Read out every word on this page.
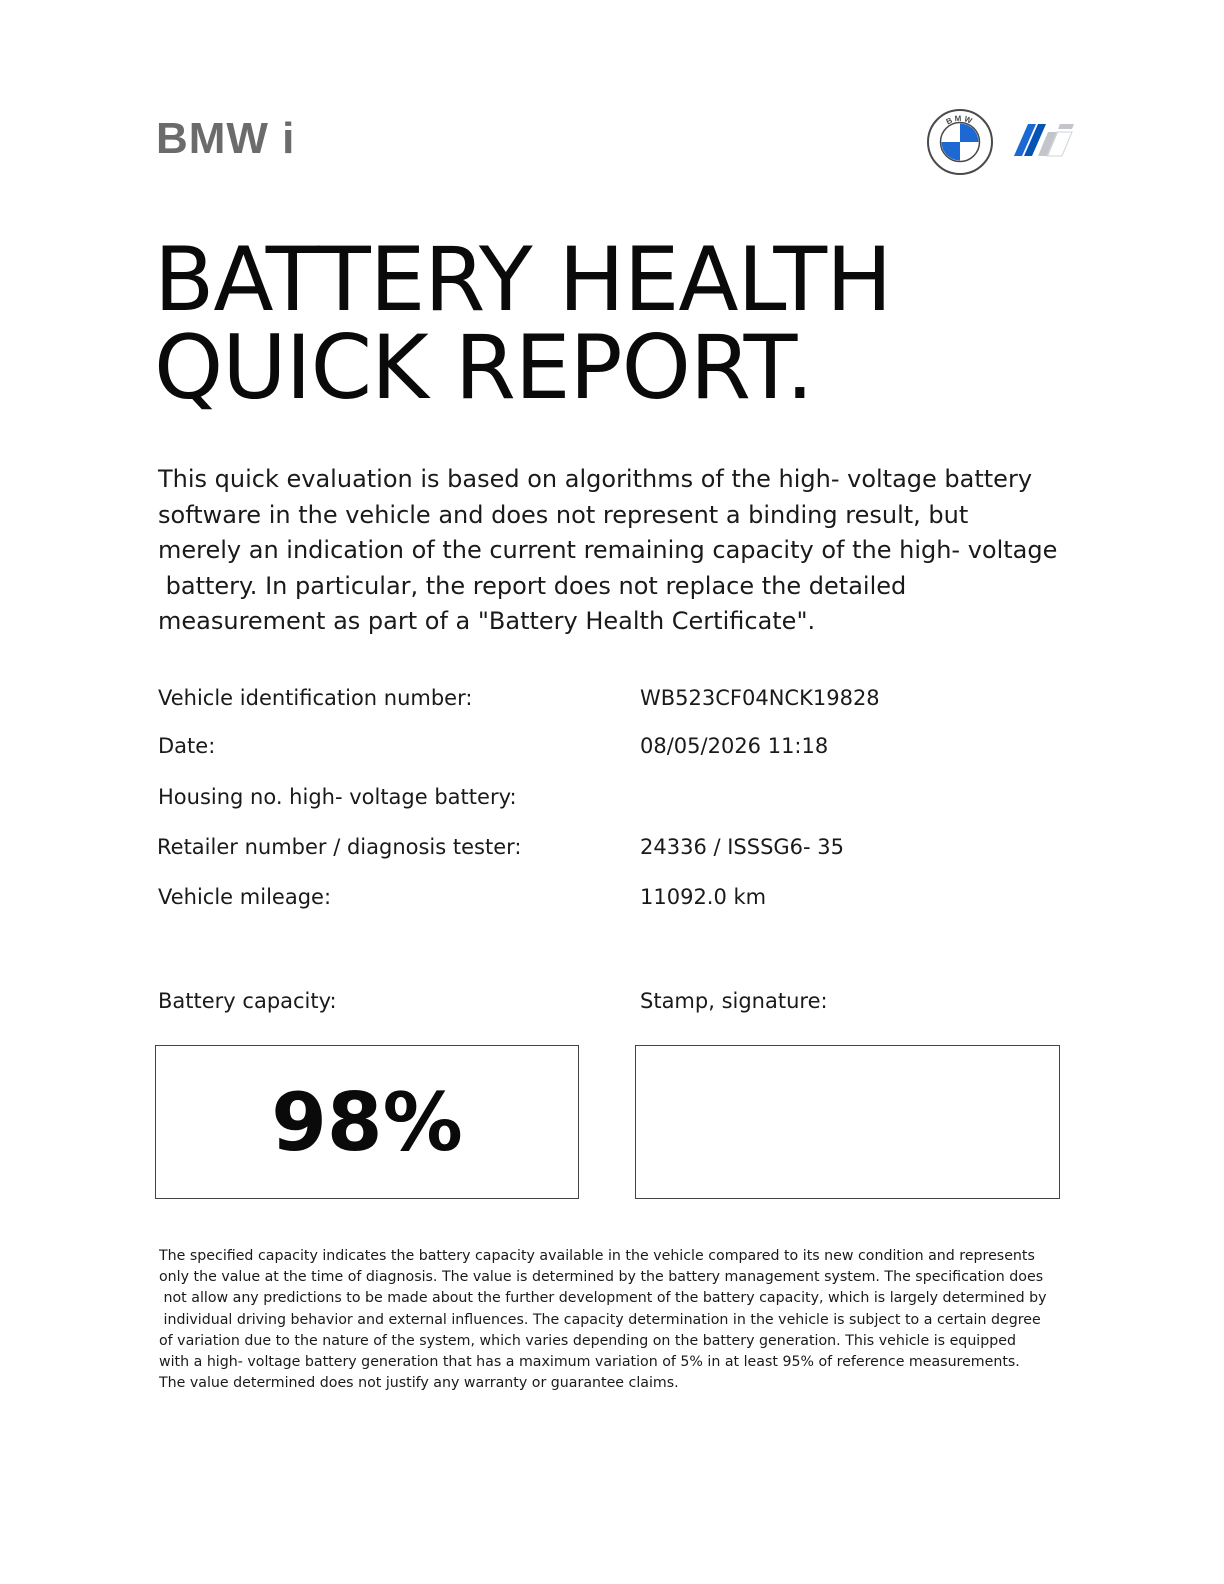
BMW i	BMW
BATTERY HEALTH
QUICK REPORT.

This quick evaluation is based on algorithms of the high- voltage battery
software in the vehicle and does not represent a binding result, but
merely an indication of the current remaining capacity of the high- voltage
battery. In particular, the report does not replace the detailed
measurement as part of a "Battery Health Certificate".

Vehicle identification number:	WB523CF04NCK19828
Date:	08/05/2026 11:18
Housing no. high- voltage battery:
Retailer number / diagnosis tester:	24336 / ISSSG6- 35
Vehicle mileage:	11092.0 km
Battery capacity:	Stamp, signature:
98%

The specified capacity indicates the battery capacity available in the vehicle compared to its new condition and represents
only the value at the time of diagnosis. The value is determined by the battery management system. The specification does
not allow any predictions to be made about the further development of the battery capacity, which is largely determined by
individual driving behavior and external influences. The capacity determination in the vehicle is subject to a certain degree
of variation due to the nature of the system, which varies depending on the battery generation. This vehicle is equipped
with a high- voltage battery generation that has a maximum variation of 5% in at least 95% of reference measurements.
The value determined does not justify any warranty or guarantee claims.
